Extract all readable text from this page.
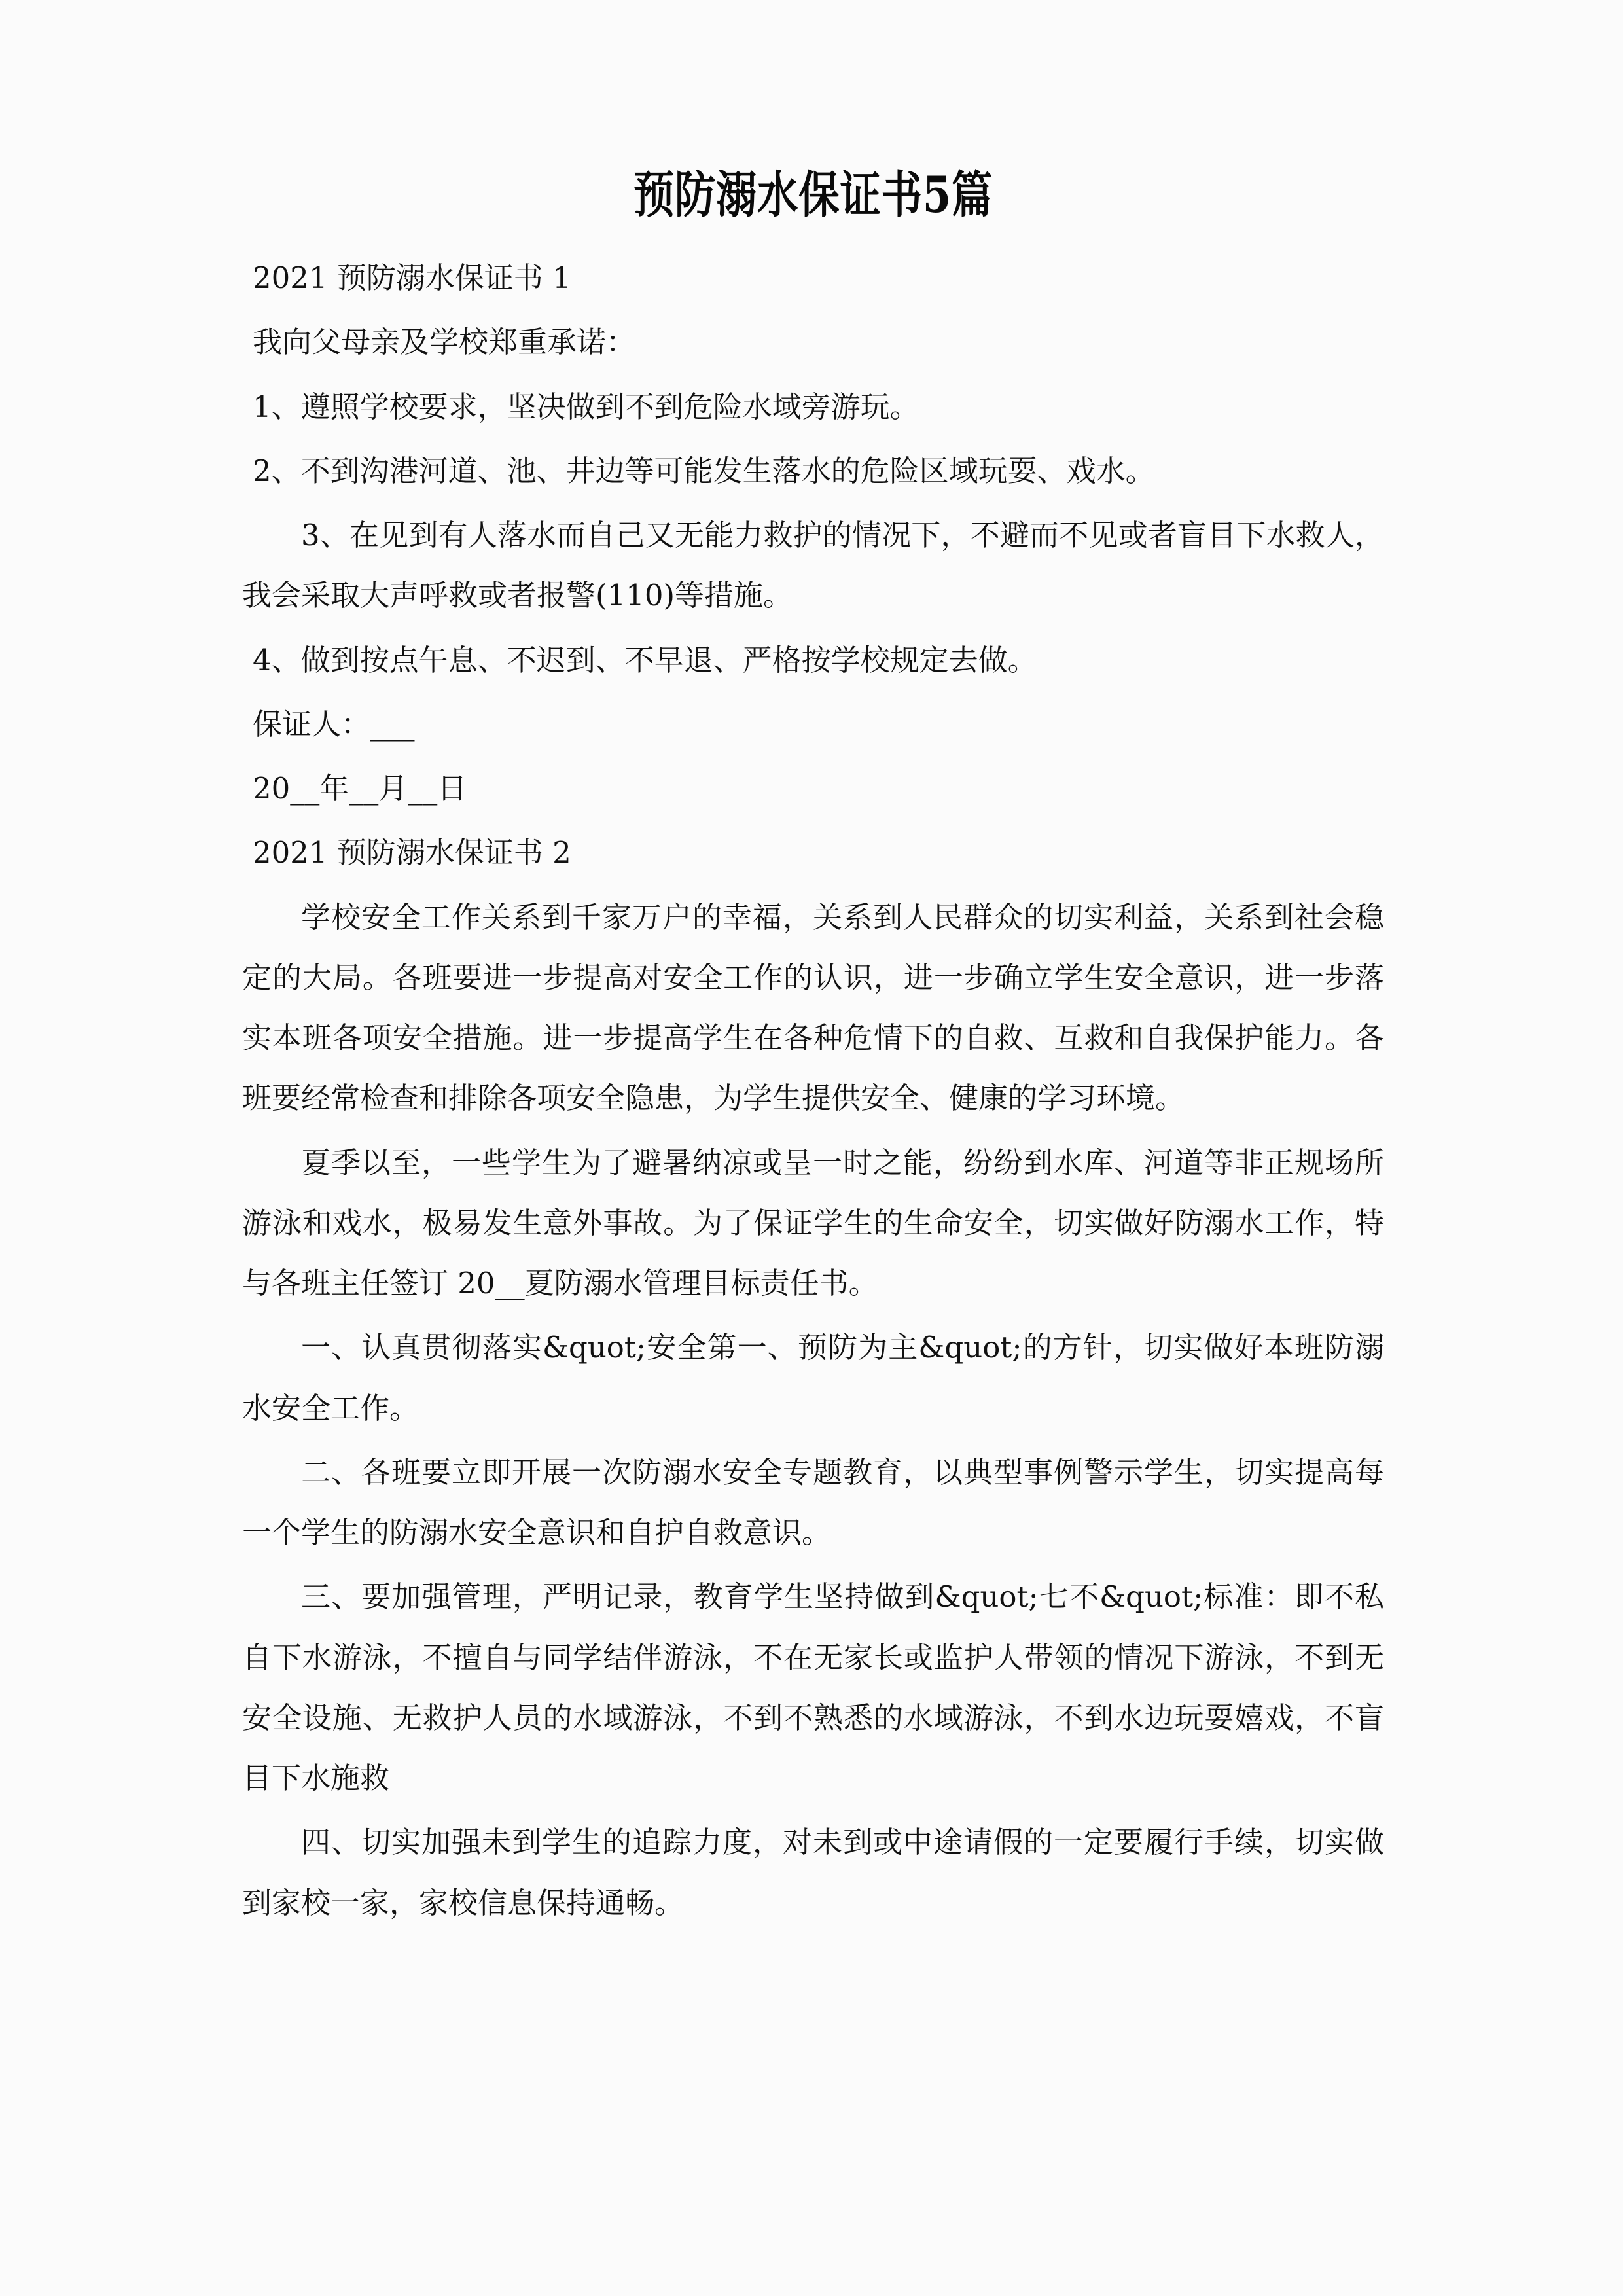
预防溺水保证书5篇

2021 预防溺水保证书 1

我向父母亲及学校郑重承诺：

1、遵照学校要求，坚决做到不到危险水域旁游玩。

2、不到沟港河道、池、井边等可能发生落水的危险区域玩耍、戏水。

3、在见到有人落水而自己又无能力救护的情况下，不避而不见或者盲目下水救人，我会采取大声呼救或者报警(110)等措施。

4、做到按点午息、不迟到、不早退、严格按学校规定去做。

保证人：___

20__年__月__日

2021 预防溺水保证书 2

学校安全工作关系到千家万户的幸福，关系到人民群众的切实利益，关系到社会稳定的大局。各班要进一步提高对安全工作的认识，进一步确立学生安全意识，进一步落实本班各项安全措施。进一步提高学生在各种危情下的自救、互救和自我保护能力。各班要经常检查和排除各项安全隐患，为学生提供安全、健康的学习环境。

夏季以至，一些学生为了避暑纳凉或呈一时之能，纷纷到水库、河道等非正规场所游泳和戏水，极易发生意外事故。为了保证学生的生命安全，切实做好防溺水工作，特与各班主任签订 20__夏防溺水管理目标责任书。

一、认真贯彻落实&quot;安全第一、预防为主&quot;的方针，切实做好本班防溺水安全工作。

二、各班要立即开展一次防溺水安全专题教育，以典型事例警示学生，切实提高每一个学生的防溺水安全意识和自护自救意识。

三、要加强管理，严明记录，教育学生坚持做到&quot;七不&quot;标准：即不私自下水游泳，不擅自与同学结伴游泳，不在无家长或监护人带领的情况下游泳，不到无安全设施、无救护人员的水域游泳，不到不熟悉的水域游泳，不到水边玩耍嬉戏，不盲目下水施救

四、切实加强未到学生的追踪力度，对未到或中途请假的一定要履行手续，切实做到家校一家，家校信息保持通畅。
